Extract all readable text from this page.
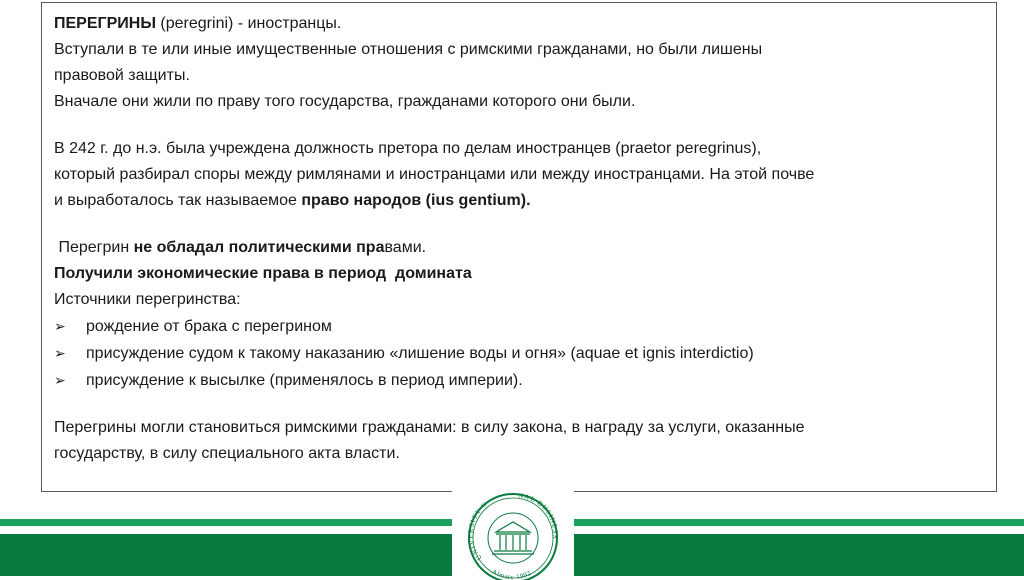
ПЕРЕГРИНЫ (peregrini) - иностранцы.

Вступали в те или иные имущественные отношения с римскими гражданами, но были лишены

правовой защиты.

Вначале они жили по праву того государства, гражданами которого они были.

В 242 г. до н.э. была учреждена должность претора по делам иностранцев (praetor peregrinus),

который разбирал споры между римлянами и иностранцами или между иностранцами. На этой почве

и выработалось так называемое право народов (ius gentium).

Перегрин не обладал политическими правами.

Получили экономические права в период  домината

Источники перегринства:

➢	рождение от брака с перегрином
➢	присуждение судом к такому наказанию «лишение воды и огня» (aquae et ignis interdictio)
➢	присуждение к высылке (применялось в период империи).

Перегрины могли становиться римскими гражданами: в силу закона, в награду за услуги, оказанные

государству, в силу специального акта власти.

UNIVERSITY O
NAL BUSINESS
Almaty 1992
